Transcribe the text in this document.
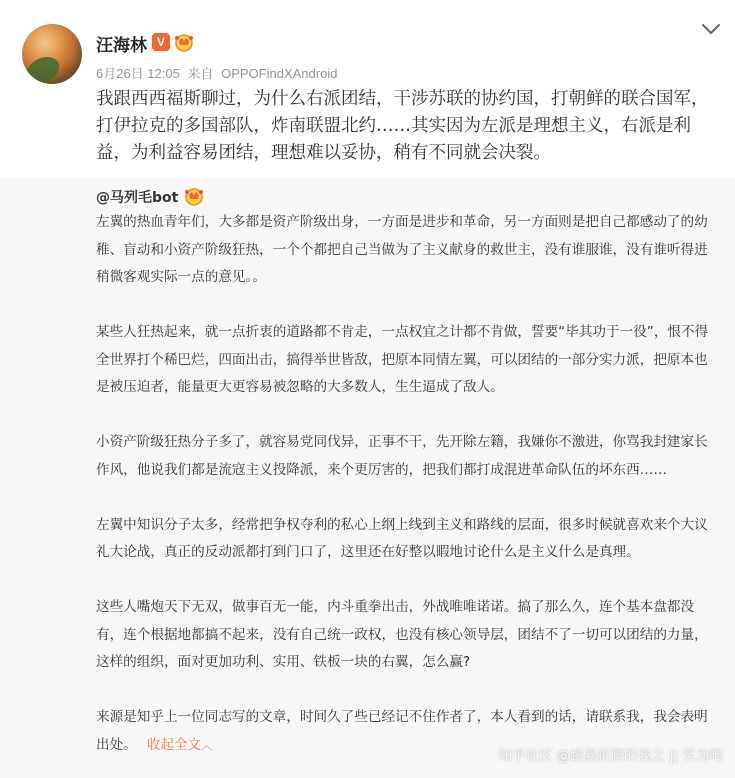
汪海林 V
6月26日 12:05 来自 OPPOFindXAndroid
我跟西西福斯聊过，为什么右派团结，干涉苏联的协约国，打朝鲜的联合国军，打伊拉克的多国部队，炸南联盟北约……其实因为左派是理想主义，右派是利益，为利益容易团结，理想难以妥协，稍有不同就会决裂。
@马列毛bot

左翼的热血青年们，大多都是资产阶级出身，一方面是进步和革命，另一方面则是把自己都感动了的幼稚、盲动和小资产阶级狂热，一个个都把自己当做为了主义献身的救世主，没有谁服谁，没有谁听得进稍微客观实际一点的意见。。

某些人狂热起来，就一点折衷的道路都不肯走，一点权宜之计都不肯做，誓要“毕其功于一役”，恨不得全世界打个稀巴烂，四面出击，搞得举世皆敌，把原本同情左翼，可以团结的一部分实力派，把原本也是被压迫者，能量更大更容易被忽略的大多数人，生生逼成了敌人。

小资产阶级狂热分子多了，就容易党同伐异，正事不干，先开除左籍，我嫌你不激进，你骂我封建家长作风，他说我们都是流寇主义投降派，来个更厉害的，把我们都打成混进革命队伍的坏东西……

左翼中知识分子太多，经常把争权夺利的私心上纲上线到主义和路线的层面，很多时候就喜欢来个大议礼大论战，真正的反动派都打到门口了，这里还在好整以暇地讨论什么是主义什么是真理。

这些人嘴炮天下无双，做事百无一能，内斗重拳出击，外战唯唯诺诺。搞了那么久，连个基本盘都没有，连个根据地都搞不起来，没有自己统一政权，也没有核心领导层，团结不了一切可以团结的力量，这样的组织，面对更加功利、实用、铁板一块的右翼，怎么赢?

来源是知乎上一位同志写的文章，时间久了些已经记不住作者了，本人看到的话，请联系我，我会表明出处。 收起全文︿

知乎社区 @跟我折腾的我之 || 笑为喝
